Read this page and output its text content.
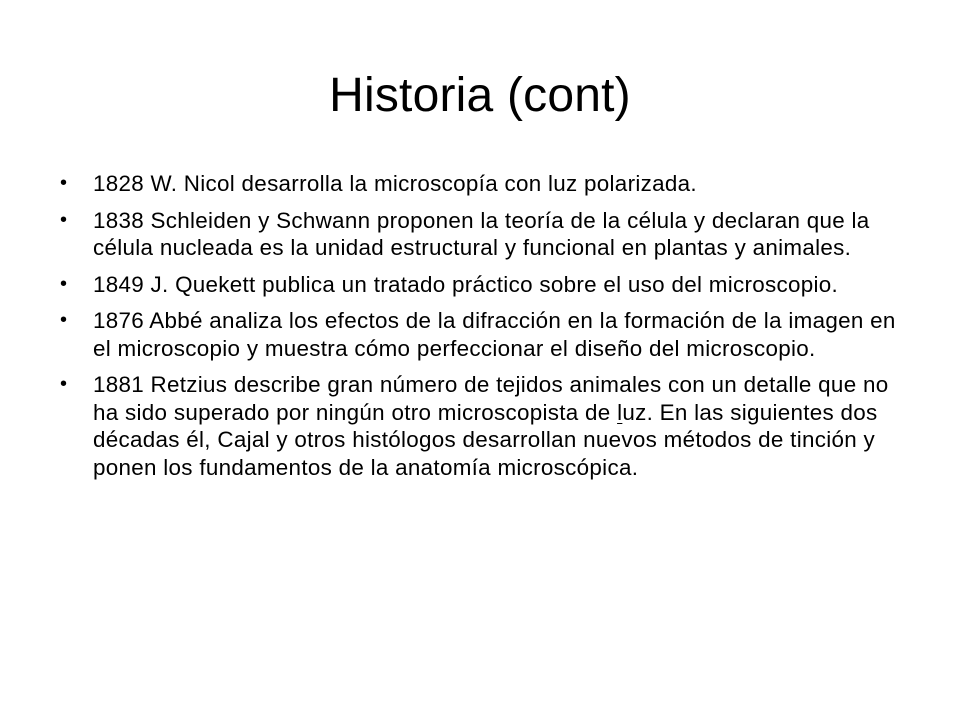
Historia (cont)
• 1828 W. Nicol desarrolla la microscopía con luz polarizada.
• 1838 Schleiden y Schwann proponen la teoría de la célula y declaran que la célula nucleada es la unidad estructural y funcional en plantas y animales.
• 1849 J. Quekett publica un tratado práctico sobre el uso del microscopio.
• 1876 Abbé analiza los efectos de la difracción en la formación de la imagen en el microscopio y muestra cómo perfeccionar el diseño del microscopio.
• 1881 Retzius describe gran número de tejidos animales con un detalle que no ha sido superado por ningún otro microscopista de luz. En las siguientes dos décadas él, Cajal y otros histólogos desarrollan nuevos métodos de tinción y ponen los fundamentos de la anatomía microscópica.
